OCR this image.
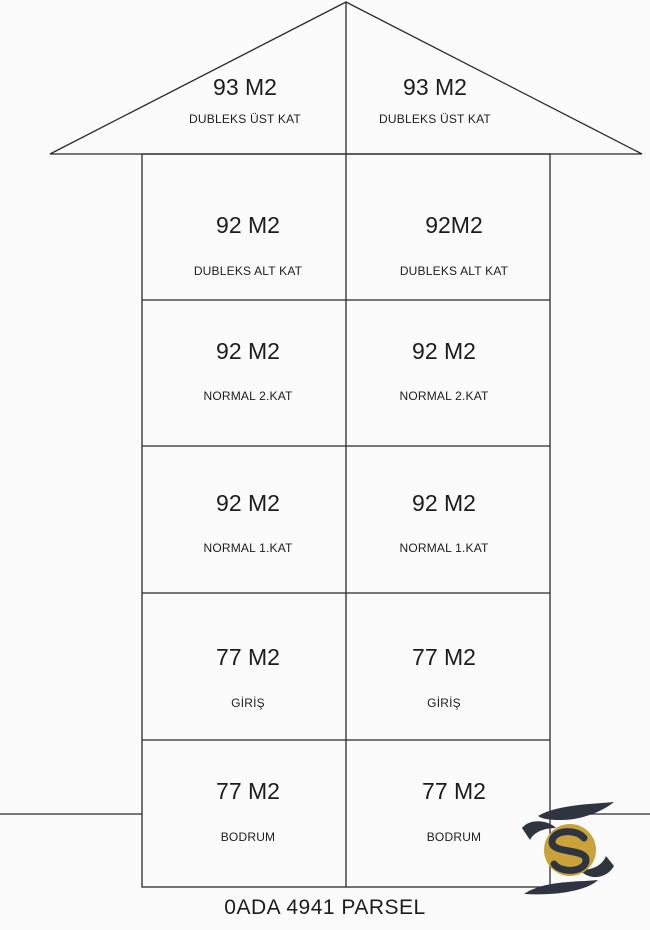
93 M2
DUBLEKS ÜST KAT
93 M2
DUBLEKS ÜST KAT
92 M2
DUBLEKS ALT KAT
92M2
DUBLEKS ALT KAT
92 M2
NORMAL 2.KAT
92 M2
NORMAL 2.KAT
92 M2
NORMAL 1.KAT
92 M2
NORMAL 1.KAT
77 M2
GİRİŞ
77 M2
GİRİŞ
77 M2
BODRUM
77 M2
BODRUM
0ADA 4941 PARSEL
